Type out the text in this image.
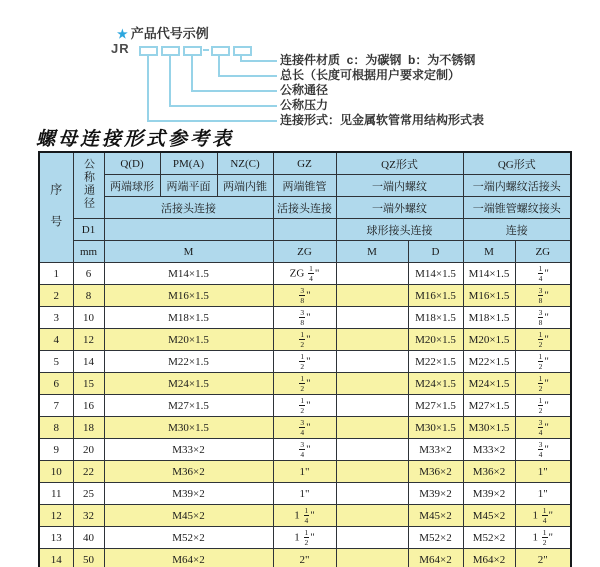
★ 产品代号示例
JR
连接件材质  c：为碳钢  b：为不锈钢
总长（长度可根据用户要求定制）
公称通径
公称压力
连接形式：见金属软管常用结构形式表
螺母连接形式参考表
序号	公称通径	Q(D)	PM(A)	NZ(C)	GZ	QZ形式		QG形式	
		两端球形	两端平面	两端内锥	两端锥管	一端内螺纹		一端内螺纹活接头	
		活接头连接			活接头连接	一端外螺纹		一端锥管螺纹接头	
	D1					球形接头连接		连接	
	mm	M			ZG	M	D	M	ZG
1	6	M14×1.5			ZG $\frac{1}{4}$ "		M14×1.5	M14×1.5	$\frac{1}{4}$ "
2	8	M16×1.5			$\frac{3}{8}$ "		M16×1.5	M16×1.5	$\frac{3}{8}$ "
3	10	M18×1.5			$\frac{3}{8}$ "		M18×1.5	M18×1.5	$\frac{3}{8}$ "
4	12	M20×1.5			$\frac{1}{2}$ "		M20×1.5	M20×1.5	$\frac{1}{2}$ "
5	14	M22×1.5			$\frac{1}{2}$ "		M22×1.5	M22×1.5	$\frac{1}{2}$ "
6	15	M24×1.5			$\frac{1}{2}$ "		M24×1.5	M24×1.5	$\frac{1}{2}$ "
7	16	M27×1.5			$\frac{1}{2}$ "		M27×1.5	M27×1.5	$\frac{1}{2}$ "
8	18	M30×1.5			$\frac{3}{4}$ "		M30×1.5	M30×1.5	$\frac{3}{4}$ "
9	20	M33×2			$\frac{3}{4}$ "		M33×2	M33×2	$\frac{3}{4}$ "
10	22	M36×2			1"		M36×2	M36×2	1"
11	25	M39×2			1"		M39×2	M39×2	1"
12	32	M45×2			$1 \frac{1}{4}$ "		M45×2	M45×2	$1 \frac{1}{4}$ "
13	40	M52×2			$1 \frac{1}{2}$ "		M52×2	M52×2	$1 \frac{1}{2}$ "
14	50	M64×2			2"		M64×2	M64×2	2"
